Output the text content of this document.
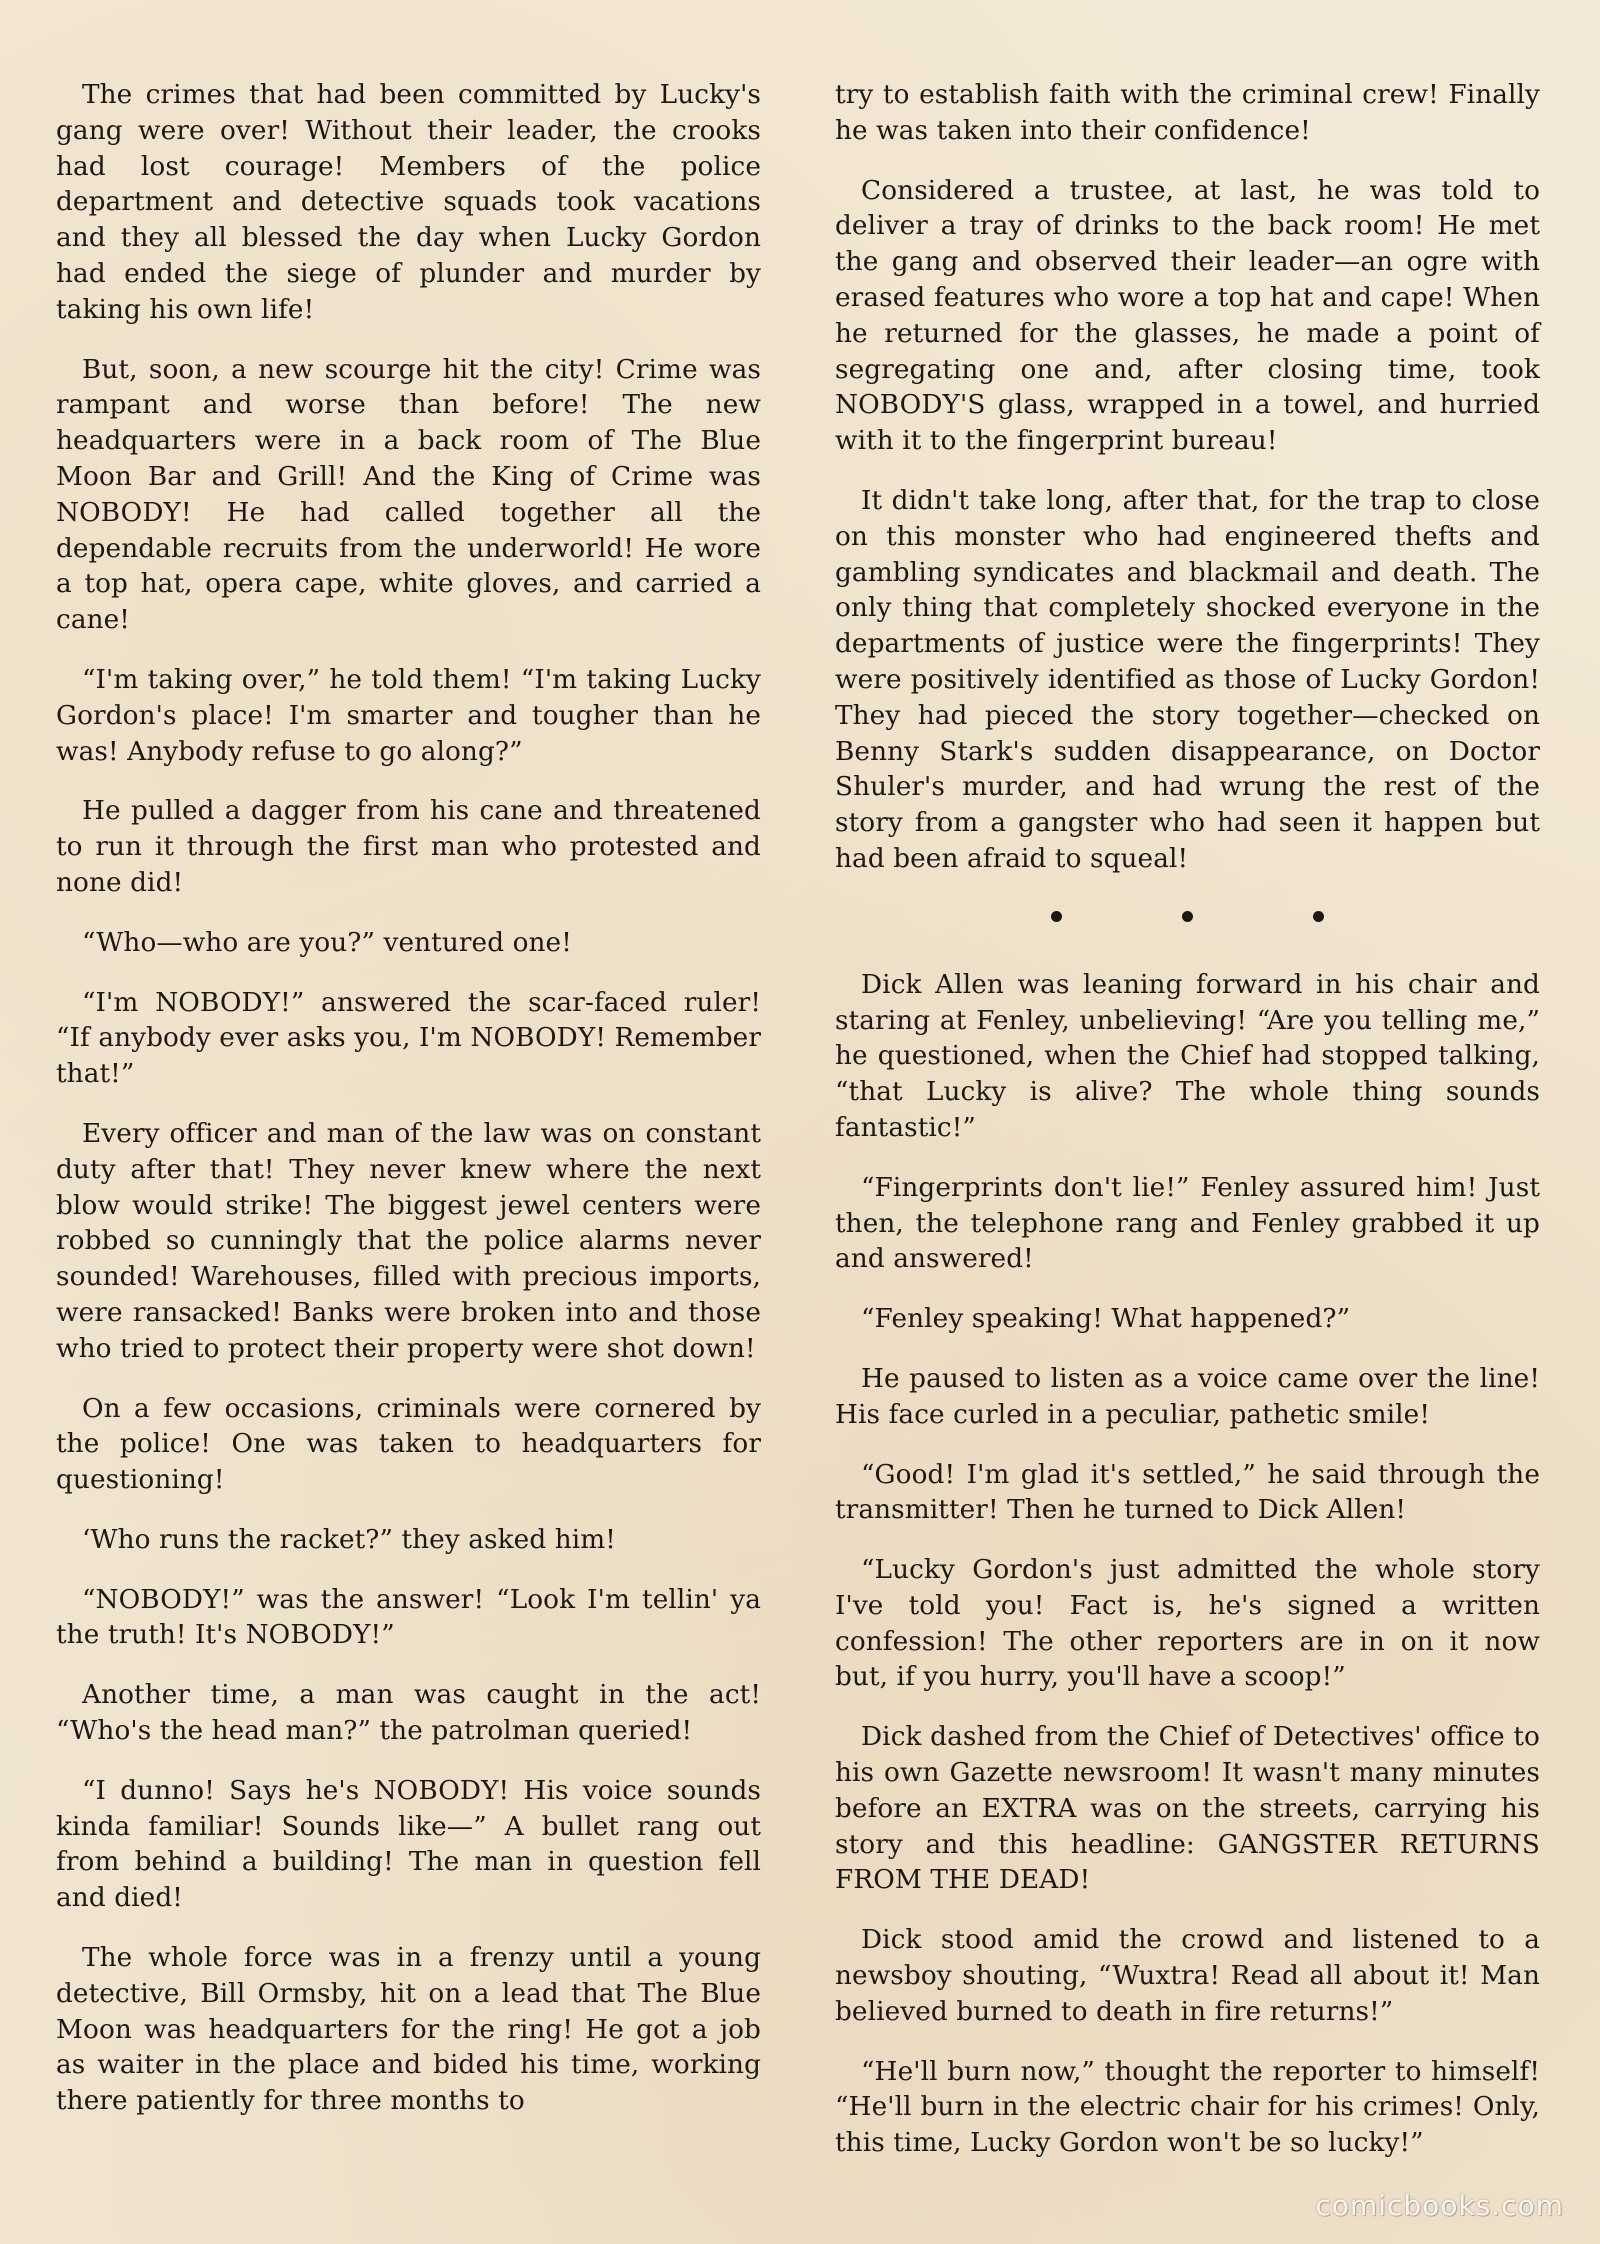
The crimes that had been committed by Lucky's gang were over! Without their leader, the crooks had lost courage! Members of the police department and detective squads took vacations and they all blessed the day when Lucky Gordon had ended the siege of plunder and murder by taking his own life!

But, soon, a new scourge hit the city! Crime was rampant and worse than before! The new headquarters were in a back room of The Blue Moon Bar and Grill! And the King of Crime was NOBODY! He had called together all the dependable recruits from the underworld! He wore a top hat, opera cape, white gloves, and carried a cane!

“I'm taking over,” he told them! “I'm taking Lucky Gordon's place! I'm smarter and tougher than he was! Anybody refuse to go along?”

He pulled a dagger from his cane and threatened to run it through the first man who protested and none did!

“Who—who are you?” ventured one!

“I'm NOBODY!” answered the scar-faced ruler! “If anybody ever asks you, I'm NOBODY! Remember that!”

Every officer and man of the law was on constant duty after that! They never knew where the next blow would strike! The biggest jewel centers were robbed so cunningly that the police alarms never sounded! Warehouses, filled with precious imports, were ransacked! Banks were broken into and those who tried to protect their property were shot down!

On a few occasions, criminals were cornered by the police! One was taken to headquarters for questioning!

‘Who runs the racket?” they asked him!

“NOBODY!” was the answer! “Look I'm tellin' ya the truth! It's NOBODY!”

Another time, a man was caught in the act! “Who's the head man?” the patrolman queried!

“I dunno! Says he's NOBODY! His voice sounds kinda familiar! Sounds like—” A bullet rang out from behind a building! The man in question fell and died!

The whole force was in a frenzy until a young detective, Bill Ormsby, hit on a lead that The Blue Moon was headquarters for the ring! He got a job as waiter in the place and bided his time, working there patiently for three months to

try to establish faith with the criminal crew! Finally he was taken into their confidence!

Considered a trustee, at last, he was told to deliver a tray of drinks to the back room! He met the gang and observed their leader—an ogre with erased features who wore a top hat and cape! When he returned for the glasses, he made a point of segregating one and, after closing time, took NOBODY'S glass, wrapped in a towel, and hurried with it to the fingerprint bureau!

It didn't take long, after that, for the trap to close on this monster who had engineered thefts and gambling syndicates and blackmail and death. The only thing that completely shocked everyone in the departments of justice were the fingerprints! They were positively identified as those of Lucky Gordon! They had pieced the story together—checked on Benny Stark's sudden disappearance, on Doctor Shuler's murder, and had wrung the rest of the story from a gangster who had seen it happen but had been afraid to squeal!

Dick Allen was leaning forward in his chair and staring at Fenley, unbelieving! “Are you telling me,” he questioned, when the Chief had stopped talking, “that Lucky is alive? The whole thing sounds fantastic!”

“Fingerprints don't lie!” Fenley assured him! Just then, the telephone rang and Fenley grabbed it up and answered!

“Fenley speaking! What happened?”

He paused to listen as a voice came over the line! His face curled in a peculiar, pathetic smile!

“Good! I'm glad it's settled,” he said through the transmitter! Then he turned to Dick Allen!

“Lucky Gordon's just admitted the whole story I've told you! Fact is, he's signed a written confession! The other reporters are in on it now but, if you hurry, you'll have a scoop!”

Dick dashed from the Chief of Detectives' office to his own Gazette newsroom! It wasn't many minutes before an EXTRA was on the streets, carrying his story and this headline: GANGSTER RETURNS FROM THE DEAD!

Dick stood amid the crowd and listened to a newsboy shouting, “Wuxtra! Read all about it! Man believed burned to death in fire returns!”

“He'll burn now,” thought the reporter to himself! “He'll burn in the electric chair for his crimes! Only, this time, Lucky Gordon won't be so lucky!”

comicbooks.com
